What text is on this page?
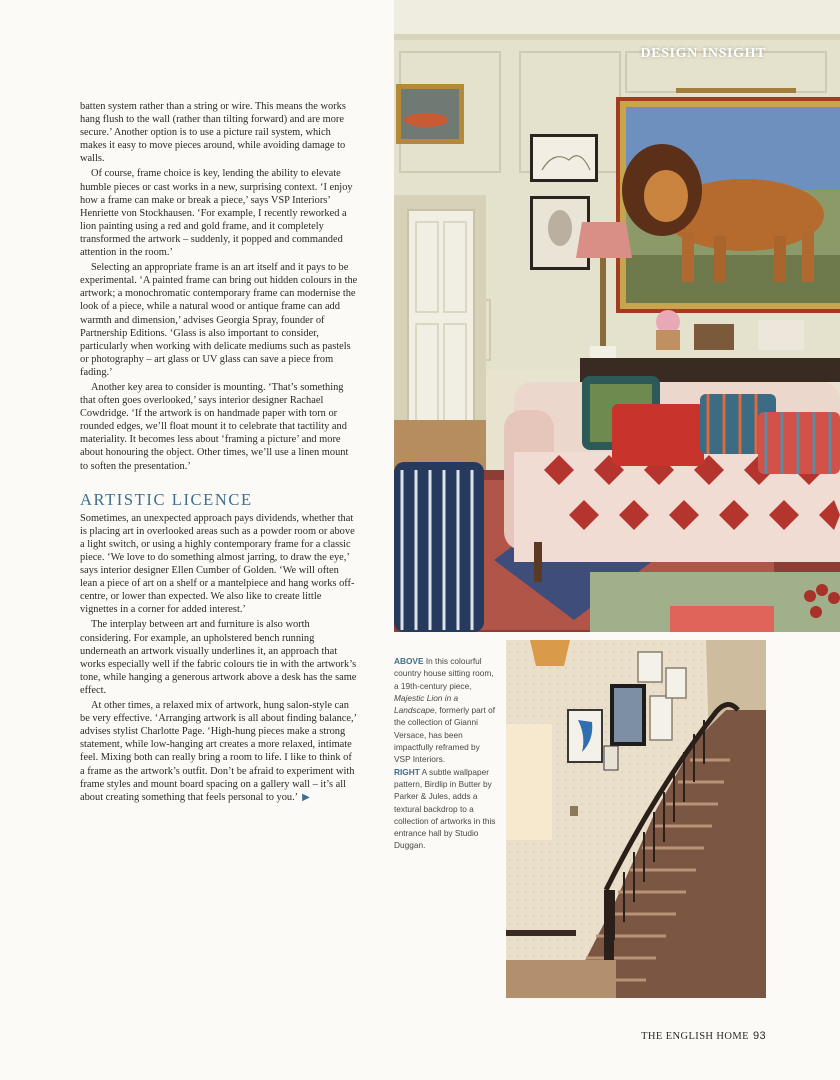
batten system rather than a string or wire. This means the works hang flush to the wall (rather than tilting forward) and are more secure.’ Another option is to use a picture rail system, which makes it easy to move pieces around, while avoiding damage to walls.

Of course, frame choice is key, lending the ability to elevate humble pieces or cast works in a new, surprising context. ‘I enjoy how a frame can make or break a piece,’ says VSP Interiors’ Henriette von Stockhausen. ‘For example, I recently reworked a lion painting using a red and gold frame, and it completely transformed the artwork – suddenly, it popped and commanded attention in the room.’

Selecting an appropriate frame is an art itself and it pays to be experimental. ‘A painted frame can bring out hidden colours in the artwork; a monochromatic contemporary frame can modernise the look of a piece, while a natural wood or antique frame can add warmth and dimension,’ advises Georgia Spray, founder of Partnership Editions. ‘Glass is also important to consider, particularly when working with delicate mediums such as pastels or photography – art glass or UV glass can save a piece from fading.’

Another key area to consider is mounting. ‘That’s something that often goes overlooked,’ says interior designer Rachael Cowdridge. ‘If the artwork is on handmade paper with torn or rounded edges, we’ll float mount it to celebrate that tactility and materiality. It becomes less about ‘framing a picture’ and more about honouring the object. Other times, we’ll use a linen mount to soften the presentation.’

ARTISTIC LICENCE

Sometimes, an unexpected approach pays dividends, whether that is placing art in overlooked areas such as a powder room or above a light switch, or using a highly contemporary frame for a classic piece. ‘We love to do something almost jarring, to draw the eye,’ says interior designer Ellen Cumber of Golden. ‘We will often lean a piece of art on a shelf or a mantelpiece and hang works off-centre, or lower than expected. We also like to create little vignettes in a corner for added interest.’

The interplay between art and furniture is also worth considering. For example, an upholstered bench running underneath an artwork visually underlines it, an approach that works especially well if the fabric colours tie in with the artwork’s tone, while hanging a generous artwork above a desk has the same effect.

At other times, a relaxed mix of artwork, hung salon-style can be very effective. ‘Arranging artwork is all about finding balance,’ advises stylist Charlotte Page. ‘High-hung pieces make a strong statement, while low-hanging art creates a more relaxed, intimate feel. Mixing both can really bring a room to life. I like to think of a frame as the artwork’s outfit. Don’t be afraid to experiment with frame styles and mount board spacing on a gallery wall – it’s all about creating something that feels personal to you.’ ▶

DESIGN INSIGHT
ABOVE In this colourful country house sitting room, a 19th-century piece, Majestic Lion in a Landscape, formerly part of the collection of Gianni Versace, has been impactfully reframed by VSP Interiors.
RIGHT A subtle wallpaper pattern, Birdlip in Butter by Parker & Jules, adds a textural backdrop to a collection of artworks in this entrance hall by Studio Duggan.
THE ENGLISH HOME 93
